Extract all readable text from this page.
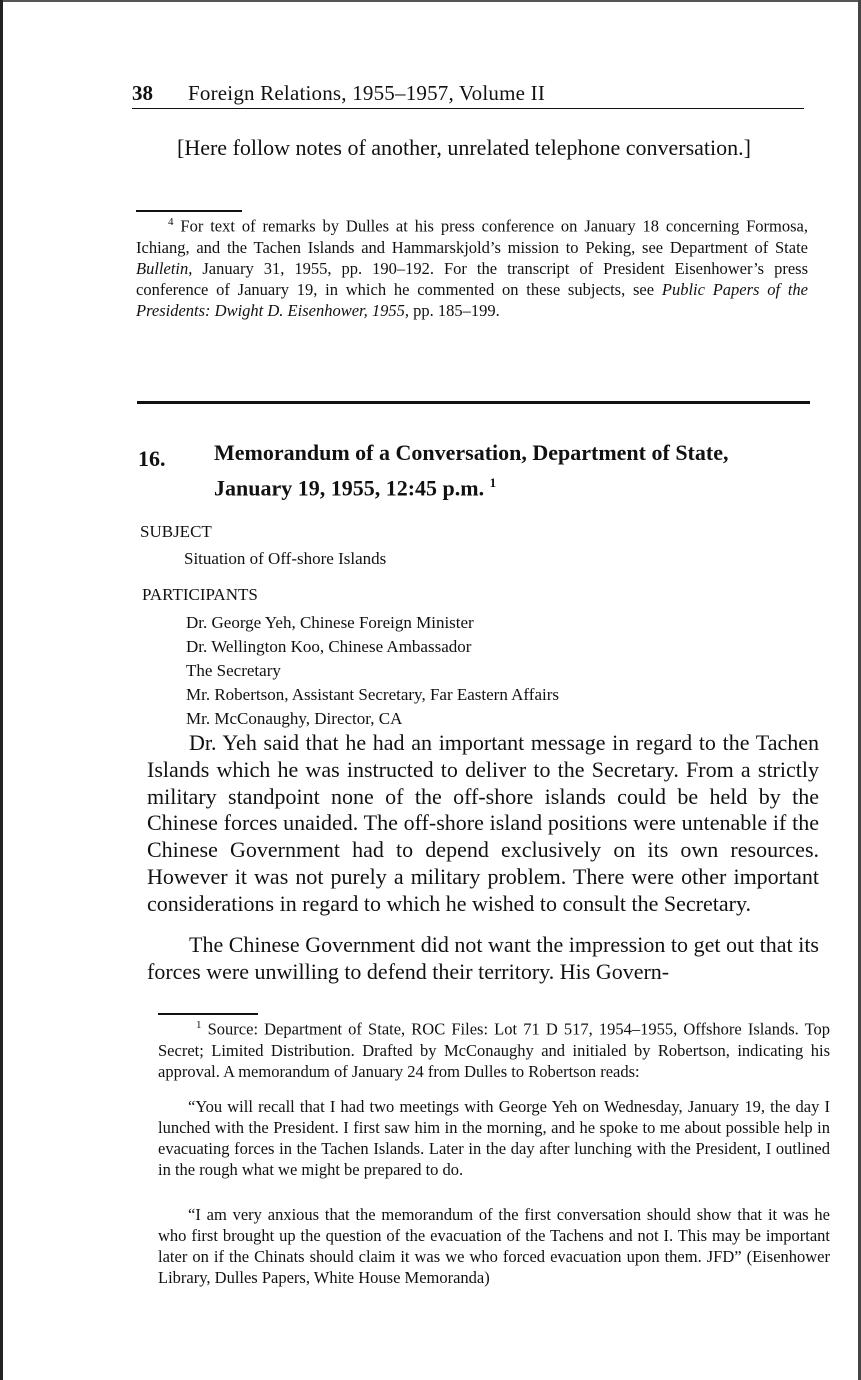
38 Foreign Relations, 1955–1957, Volume II
[Here follow notes of another, unrelated telephone conversation.]
$^4$ For text of remarks by Dulles at his press conference on January 18 concerning Formosa, Ichiang, and the Tachen Islands and Hammarskjold’s mission to Peking, see Department of State Bulletin, January 31, 1955, pp. 190–192. For the transcript of President Eisenhower’s press conference of January 19, in which he commented on these subjects, see Public Papers of the Presidents: Dwight D. Eisenhower, 1955, pp. 185–199.
16. Memorandum of a Conversation, Department of State, January 19, 1955, 12:45 p.m. $^1$
SUBJECT
Situation of Off-shore Islands
PARTICIPANTS
Dr. George Yeh, Chinese Foreign Minister
Dr. Wellington Koo, Chinese Ambassador
The Secretary
Mr. Robertson, Assistant Secretary, Far Eastern Affairs
Mr. McConaughy, Director, CA
Dr. Yeh said that he had an important message in regard to the Tachen Islands which he was instructed to deliver to the Secretary. From a strictly military standpoint none of the off-shore islands could be held by the Chinese forces unaided. The off-shore island positions were untenable if the Chinese Government had to depend exclusively on its own resources. However it was not purely a military problem. There were other important considerations in regard to which he wished to consult the Secretary.
The Chinese Government did not want the impression to get out that its forces were unwilling to defend their territory. His Govern-
$^1$ Source: Department of State, ROC Files: Lot 71 D 517, 1954–1955, Offshore Islands. Top Secret; Limited Distribution. Drafted by McConaughy and initialed by Robertson, indicating his approval. A memorandum of January 24 from Dulles to Robertson reads:
“You will recall that I had two meetings with George Yeh on Wednesday, January 19, the day I lunched with the President. I first saw him in the morning, and he spoke to me about possible help in evacuating forces in the Tachen Islands. Later in the day after lunching with the President, I outlined in the rough what we might be prepared to do.
“I am very anxious that the memorandum of the first conversation should show that it was he who first brought up the question of the evacuation of the Tachens and not I. This may be important later on if the Chinats should claim it was we who forced evacuation upon them. JFD” (Eisenhower Library, Dulles Papers, White House Memoranda)
